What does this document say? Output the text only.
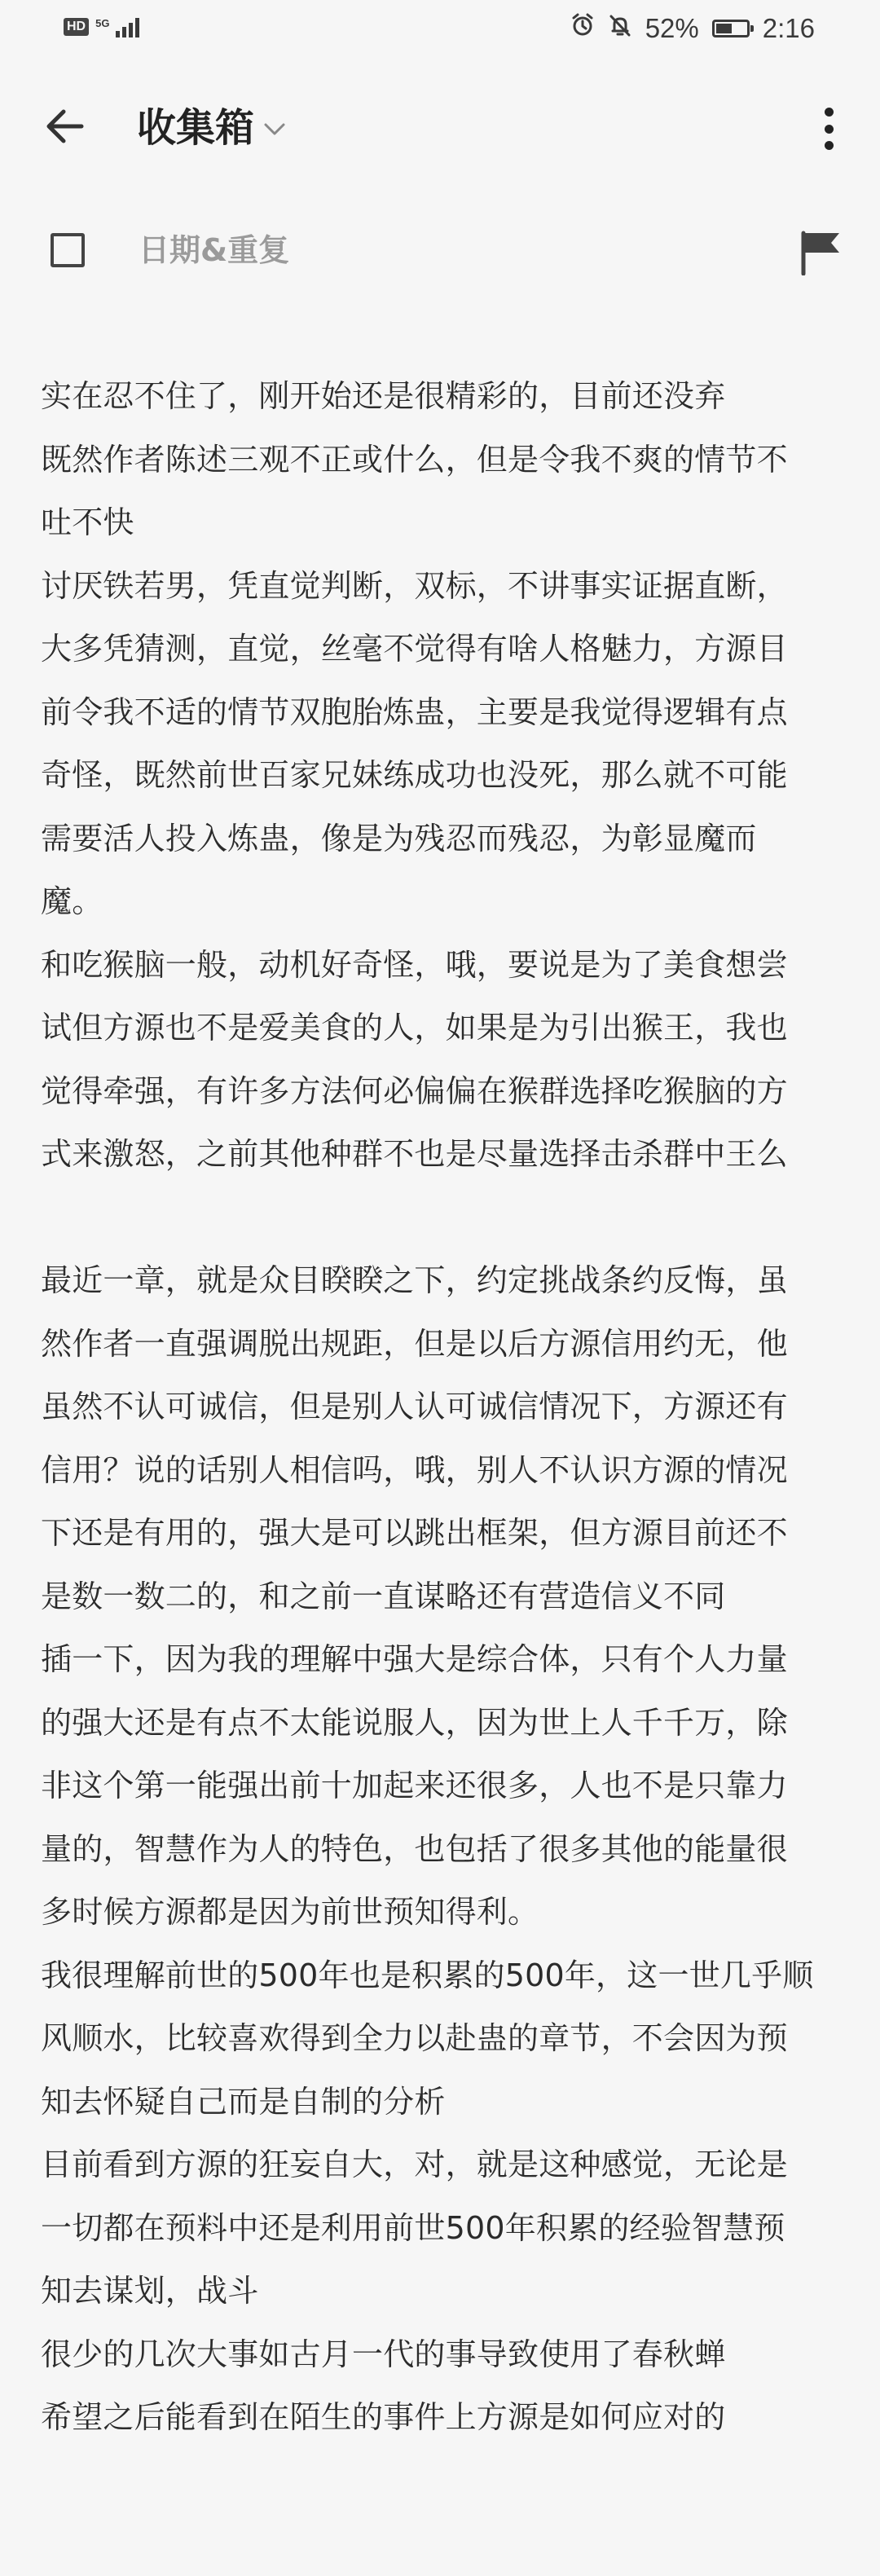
HD 5G	52% 2:16
收集箱
日期&重复
实在忍不住了，刚开始还是很精彩的，目前还没弃
既然作者陈述三观不正或什么，但是令我不爽的情节不
吐不快
讨厌铁若男，凭直觉判断，双标，不讲事实证据直断，
大多凭猜测，直觉，丝毫不觉得有啥人格魅力，方源目
前令我不适的情节双胞胎炼蛊，主要是我觉得逻辑有点
奇怪，既然前世百家兄妹练成功也没死，那么就不可能
需要活人投入炼蛊，像是为残忍而残忍，为彰显魔而
魔。
和吃猴脑一般，动机好奇怪，哦，要说是为了美食想尝
试但方源也不是爱美食的人，如果是为引出猴王，我也
觉得牵强，有许多方法何必偏偏在猴群选择吃猴脑的方
式来激怒，之前其他种群不也是尽量选择击杀群中王么
最近一章，就是众目睽睽之下，约定挑战条约反悔，虽
然作者一直强调脱出规距，但是以后方源信用约无，他
虽然不认可诚信，但是别人认可诚信情况下，方源还有
信用？说的话别人相信吗，哦，别人不认识方源的情况
下还是有用的，强大是可以跳出框架，但方源目前还不
是数一数二的，和之前一直谋略还有营造信义不同
插一下，因为我的理解中强大是综合体，只有个人力量
的强大还是有点不太能说服人，因为世上人千千万，除
非这个第一能强出前十加起来还很多，人也不是只靠力
量的，智慧作为人的特色，也包括了很多其他的能量很
多时候方源都是因为前世预知得利。
我很理解前世的500年也是积累的500年，这一世几乎顺
风顺水，比较喜欢得到全力以赴蛊的章节，不会因为预
知去怀疑自己而是自制的分析
目前看到方源的狂妄自大，对，就是这种感觉，无论是
一切都在预料中还是利用前世500年积累的经验智慧预
知去谋划，战斗
很少的几次大事如古月一代的事导致使用了春秋蝉
希望之后能看到在陌生的事件上方源是如何应对的
